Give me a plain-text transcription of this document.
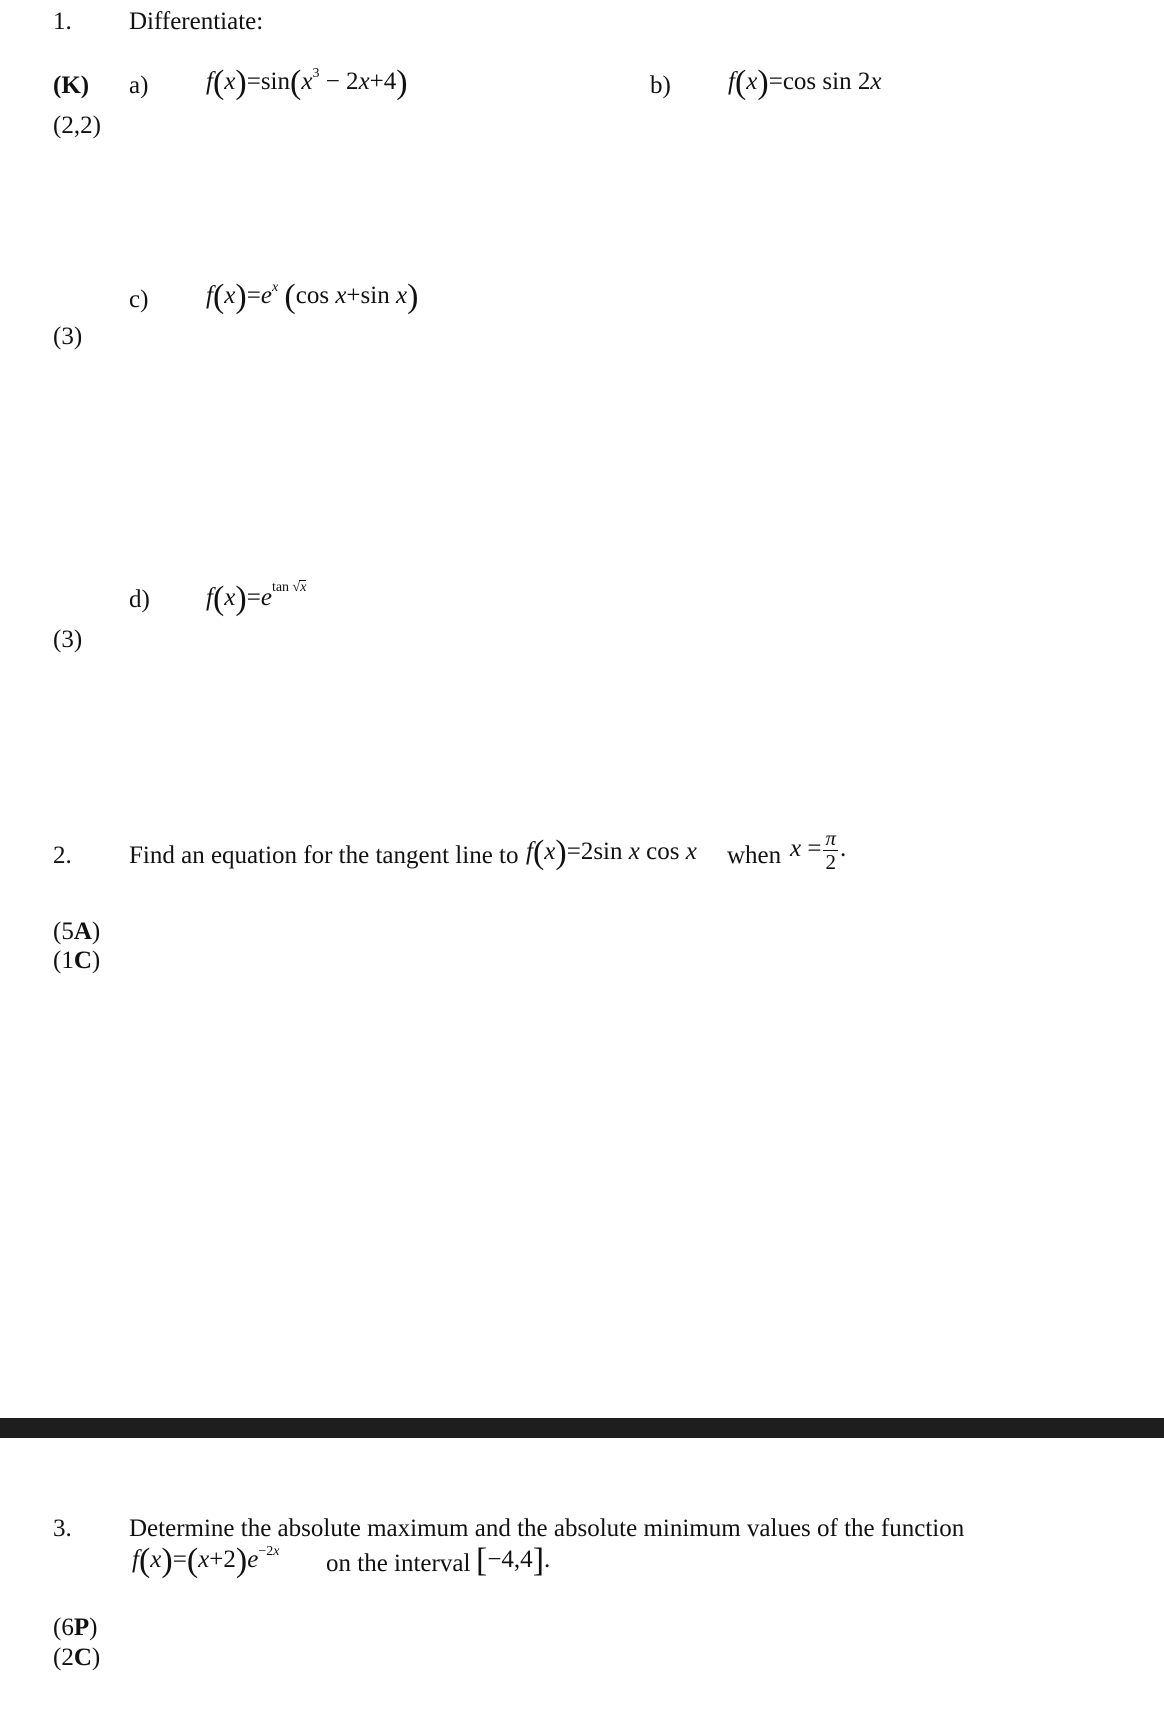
1. Differentiate:
(K)
(2,2)
a) $f(x)=\sin(x^3 - 2x+4)$	b) f(x)=cos sin 2x
c) $f(x)=e^x$ (cos x+sin x)
(3)
d) $f(x)=e^{tan √x}$
(3)
2. Find an equation for the tangent line to f(x)=2sin x cos x when $x = \frac{\pi}{2}$ .
(5A)
(1C)
3. Determine the absolute maximum and the absolute minimum values of the function
$f(x)=(x+2)e^{-2x}$ on the interval [−4,4].
(6P)
(2C)
